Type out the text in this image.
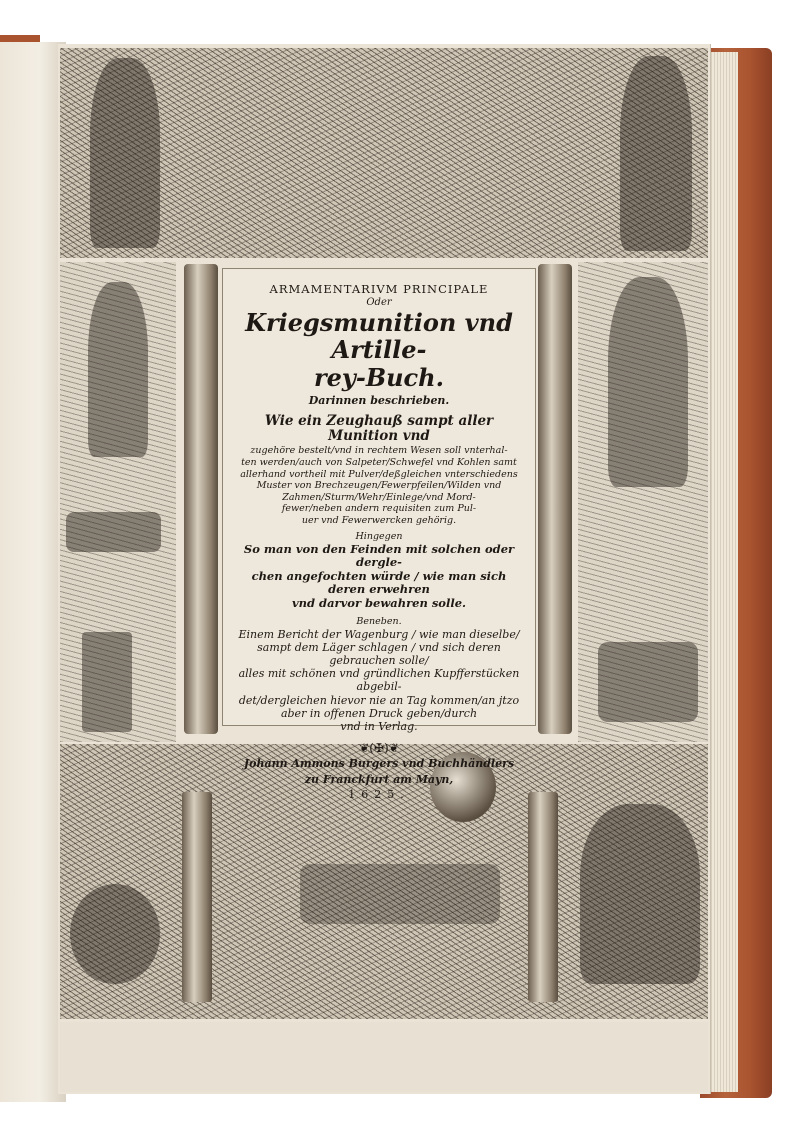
ARMAMENTARIVM PRINCIPALE
Oder
Kriegsmunition vnd Artille-
rey-Buch.
Darinnen beschrieben.
Wie ein Zeughauß sampt aller Munition vnd
zugehöre bestelt/vnd in rechtem Wesen soll vnterhal-
ten werden/auch von Salpeter/Schwefel vnd Kohlen samt
allerhand vortheil mit Pulver/deßgleichen vnterschiedens
Muster von Brechzeugen/Fewerpfeilen/Wilden vnd
Zahmen/Sturm/Wehr/Einlege/vnd Mord-
fewer/neben andern requisiten zum Pul-
uer vnd Fewerwercken gehörig.
Hingegen
So man von den Feinden mit solchen oder dergle-
chen angefochten würde / wie man sich deren erwehren
vnd darvor bewahren solle.
Beneben.
Einem Bericht der Wagenburg / wie man dieselbe/
sampt dem Läger schlagen / vnd sich deren gebrauchen solle/
alles mit schönen vnd gründlichen Kupfferstücken abgebil-
det/dergleichen hievor nie an Tag kommen/an jtzo
aber in offenen Druck geben/durch
vnd in Verlag.
❦(✠)❦
Johann Ammons Burgers vnd Buchhändlers
zu Franckfurt am Mayn,
1625.
